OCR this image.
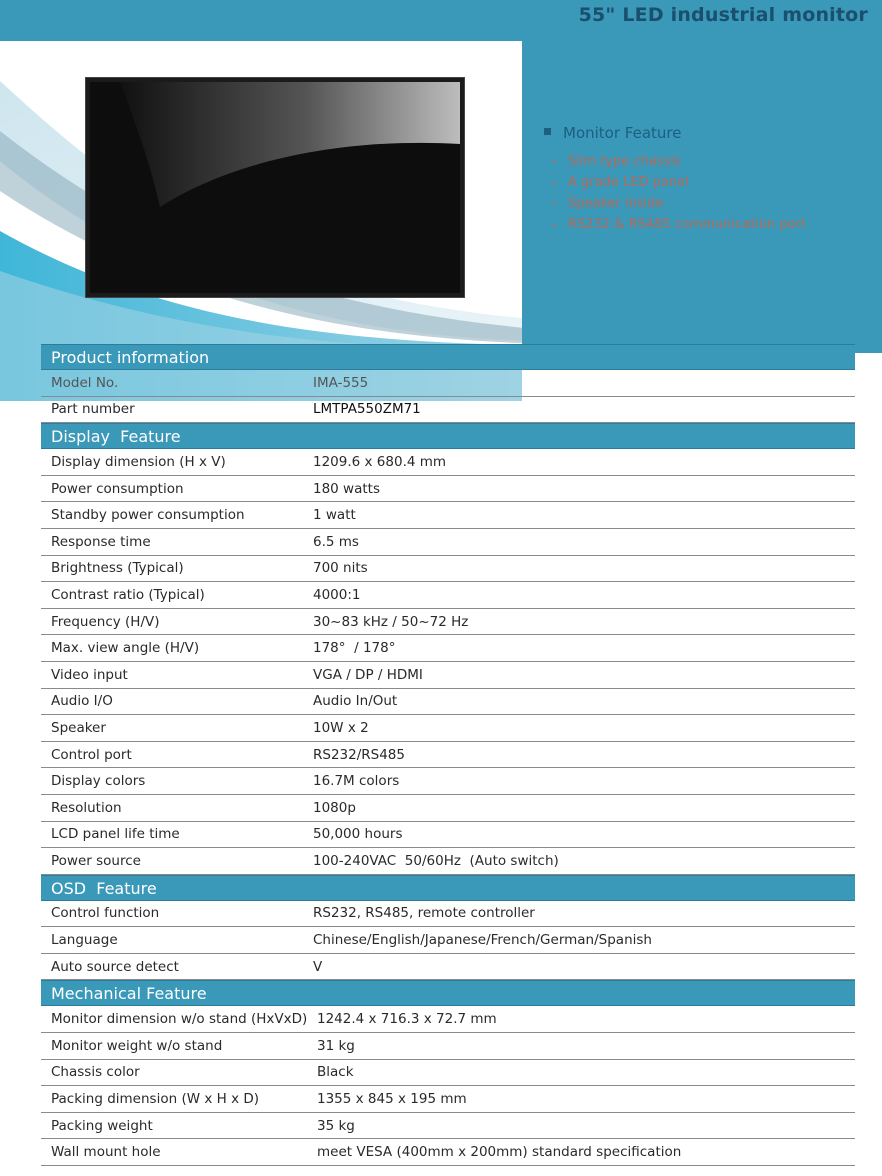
55" LED industrial monitor
Monitor Feature
– Slim type chassis
– A grade LED panel
– Speaker inside
– RS232 & RS485 communication port
Product information
Model No.	IMA-555
Part number	LMTPA550ZM71
Display  Feature
Display dimension (H x V)	1209.6 x 680.4 mm
Power consumption	180 watts
Standby power consumption	1 watt
Response time	6.5 ms
Brightness (Typical)	700 nits
Contrast ratio (Typical)	4000:1
Frequency (H/V)	30~83 kHz / 50~72 Hz
Max. view angle (H/V)	178°  / 178°
Video input	VGA / DP / HDMI
Audio I/O	Audio In/Out
Speaker	10W x 2
Control port	RS232/RS485
Display colors	16.7M colors
Resolution	1080p
LCD panel life time	50,000 hours
Power source	100-240VAC  50/60Hz  (Auto switch)
OSD  Feature
Control function	RS232, RS485, remote controller
Language	Chinese/English/Japanese/French/German/Spanish
Auto source detect	V
Mechanical Feature
Monitor dimension w/o stand (HxVxD) 1242.4 x 716.3 x 72.7 mm
Monitor weight w/o stand	31 kg
Chassis color	Black
Packing dimension (W x H x D)	1355 x 845 x 195 mm
Packing weight	35 kg
Wall mount hole	meet VESA (400mm x 200mm) standard specification
